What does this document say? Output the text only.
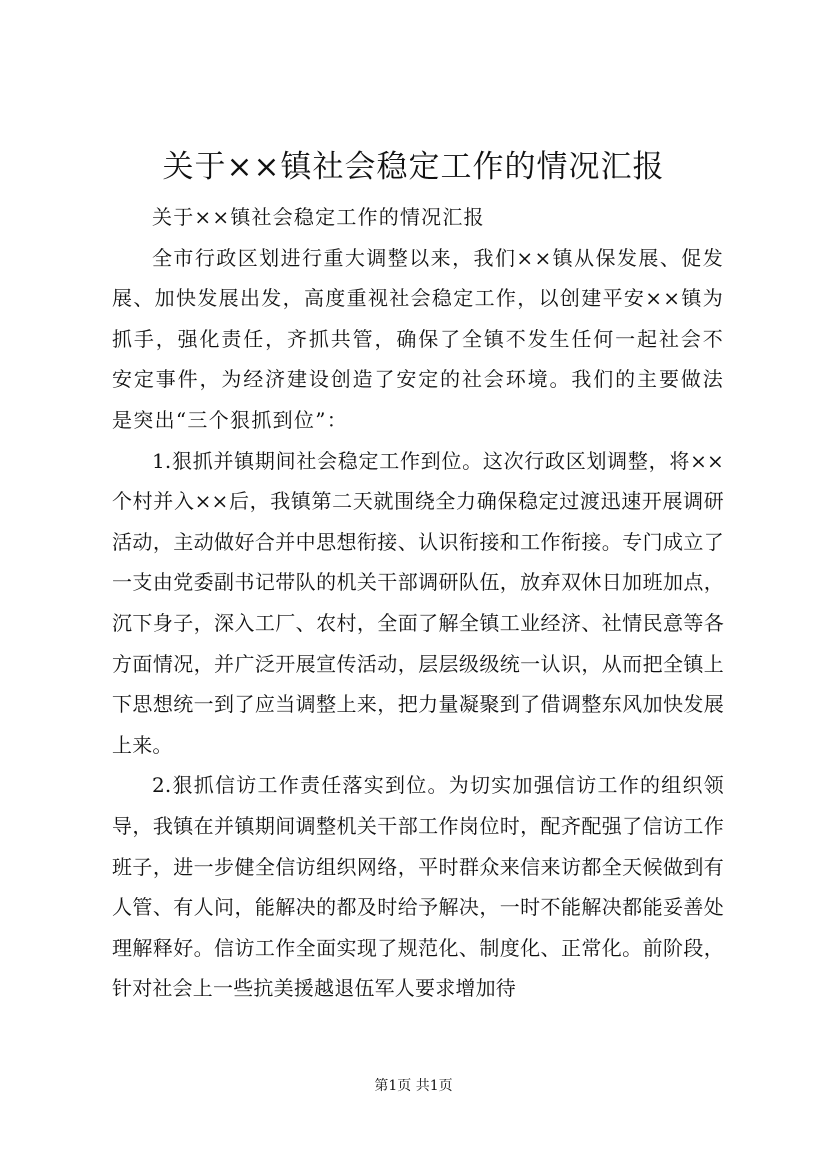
关于××镇社会稳定工作的情况汇报

关于××镇社会稳定工作的情况汇报

全市行政区划进行重大调整以来，我们××镇从保发展、促发展、加快发展出发，高度重视社会稳定工作，以创建平安××镇为抓手，强化责任，齐抓共管，确保了全镇不发生任何一起社会不安定事件，为经济建设创造了安定的社会环境。我们的主要做法是突出“三个狠抓到位”：

1.狠抓并镇期间社会稳定工作到位。这次行政区划调整，将××个村并入××后，我镇第二天就围绕全力确保稳定过渡迅速开展调研活动，主动做好合并中思想衔接、认识衔接和工作衔接。专门成立了一支由党委副书记带队的机关干部调研队伍，放弃双休日加班加点，沉下身子，深入工厂、农村，全面了解全镇工业经济、社情民意等各方面情况，并广泛开展宣传活动，层层级级统一认识，从而把全镇上下思想统一到了应当调整上来，把力量凝聚到了借调整东风加快发展上来。

2.狠抓信访工作责任落实到位。为切实加强信访工作的组织领导，我镇在并镇期间调整机关干部工作岗位时，配齐配强了信访工作班子，进一步健全信访组织网络，平时群众来信来访都全天候做到有人管、有人问，能解决的都及时给予解决，一时不能解决都能妥善处理解释好。信访工作全面实现了规范化、制度化、正常化。前阶段，针对社会上一些抗美援越退伍军人要求增加待

第1页 共1页
